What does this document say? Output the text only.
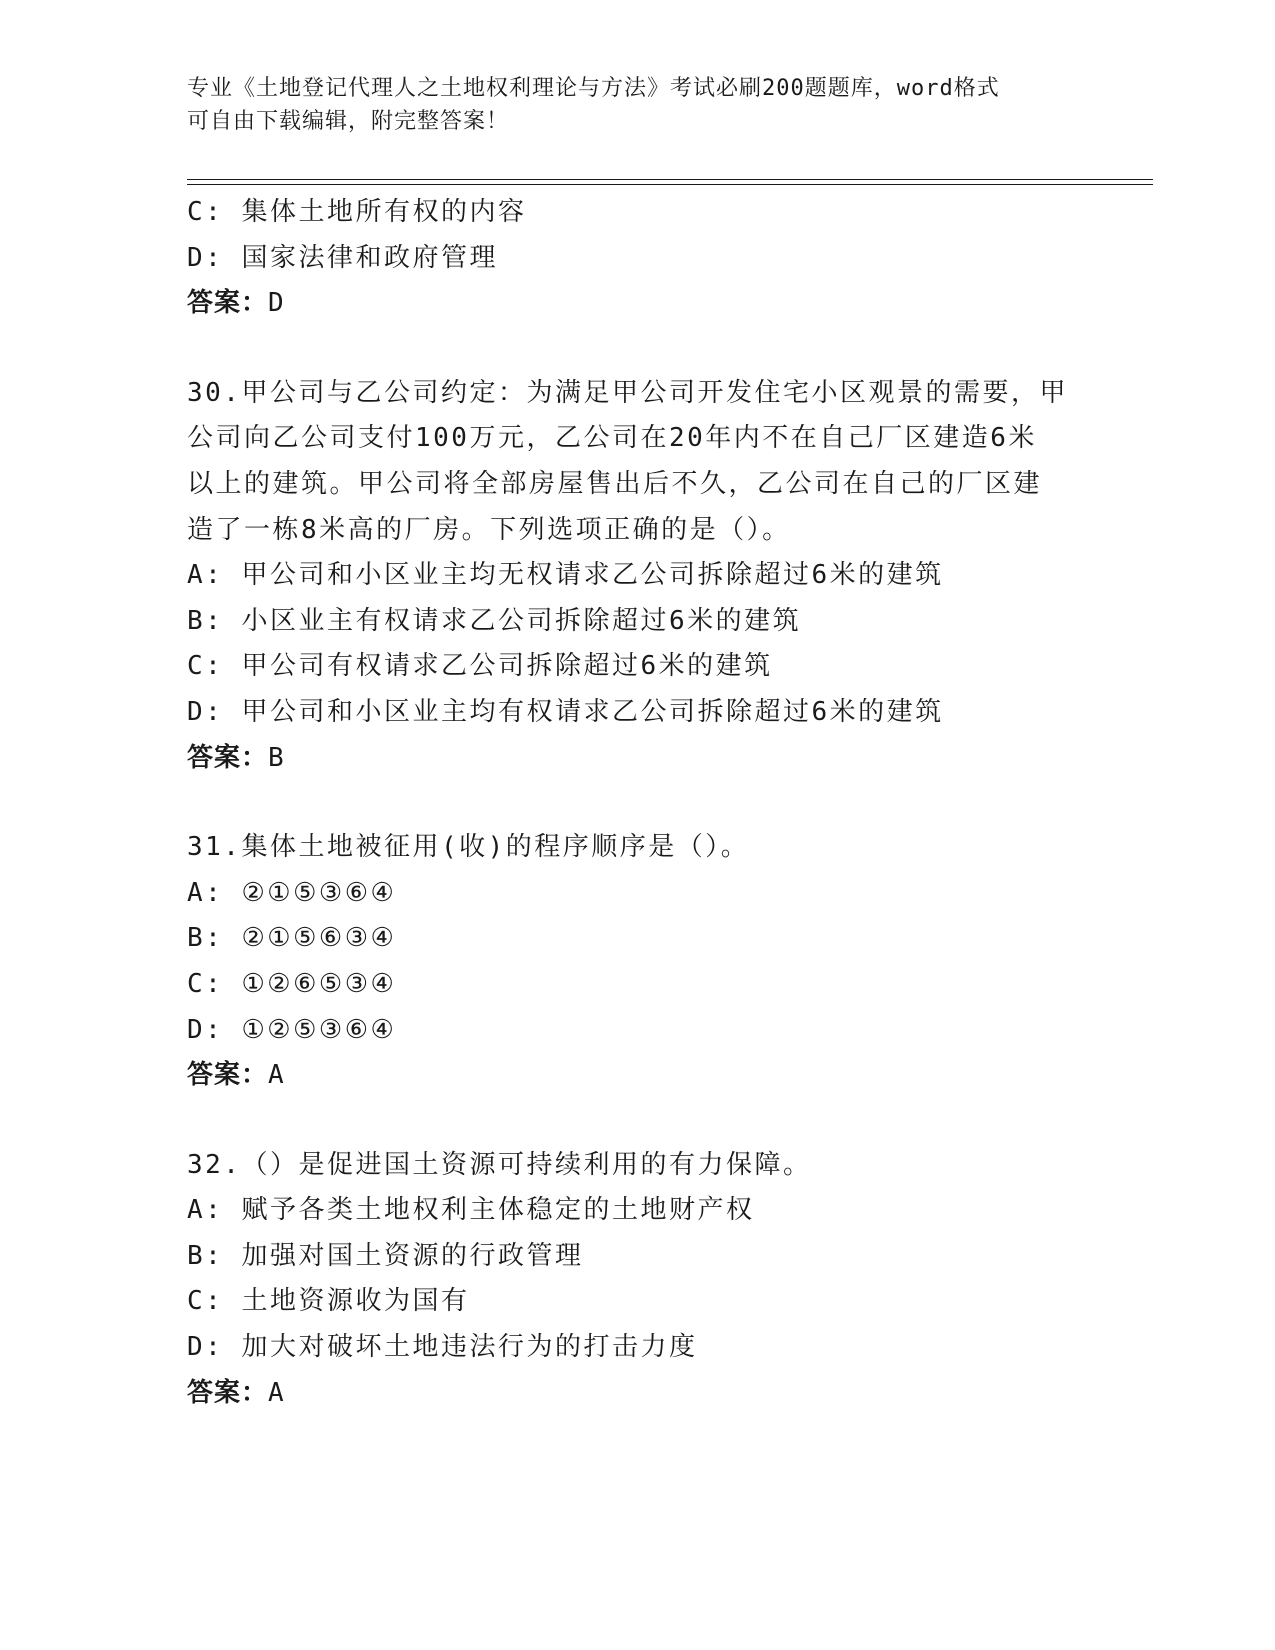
专业《土地登记代理人之土地权利理论与方法》考试必刷200题题库，word格式
可自由下载编辑，附完整答案！
C: 集体土地所有权的内容
D: 国家法律和政府管理
答案：D
30.甲公司与乙公司约定：为满足甲公司开发住宅小区观景的需要，甲
公司向乙公司支付100万元，乙公司在20年内不在自己厂区建造6米
以上的建筑。甲公司将全部房屋售出后不久，乙公司在自己的厂区建
造了一栋8米高的厂房。下列选项正确的是（）。
A: 甲公司和小区业主均无权请求乙公司拆除超过6米的建筑
B: 小区业主有权请求乙公司拆除超过6米的建筑
C: 甲公司有权请求乙公司拆除超过6米的建筑
D: 甲公司和小区业主均有权请求乙公司拆除超过6米的建筑
答案：B
31.集体土地被征用(收)的程序顺序是（）。
A: ②①⑤③⑥④
B: ②①⑤⑥③④
C: ①②⑥⑤③④
D: ①②⑤③⑥④
答案：A
32.（）是促进国土资源可持续利用的有力保障。
A: 赋予各类土地权利主体稳定的土地财产权
B: 加强对国土资源的行政管理
C: 土地资源收为国有
D: 加大对破坏土地违法行为的打击力度
答案：A
